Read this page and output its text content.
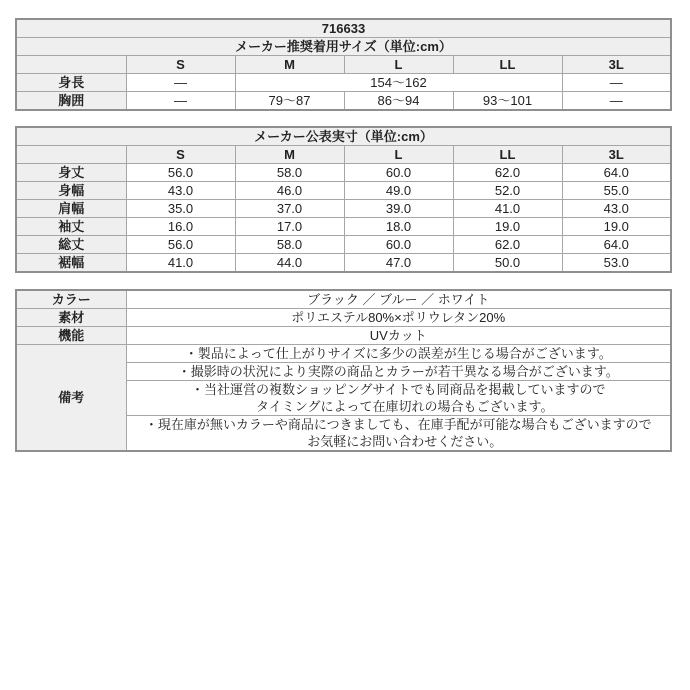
716633					
メーカー推奨着用サイズ（単位:cm）					
	S	M	L	LL	3L
身長	―	154～162			―
胸囲	―	79～87	86～94	93～101	―
メーカー公表実寸（単位:cm）					
	S	M	L	LL	3L
身丈	56.0	58.0	60.0	62.0	64.0
身幅	43.0	46.0	49.0	52.0	55.0
肩幅	35.0	37.0	39.0	41.0	43.0
袖丈	16.0	17.0	18.0	19.0	19.0
総丈	56.0	58.0	60.0	62.0	64.0
裾幅	41.0	44.0	47.0	50.0	53.0
カラー	ブラック ／ ブルー ／ ホワイト
素材	ポリエステル80%×ポリウレタン20%
機能	UVカット
備考	・製品によって仕上がりサイズに多少の誤差が生じる場合がございます。
	・撮影時の状況により実際の商品とカラーが若干異なる場合がございます。

	・当社運営の複数ショッピングサイトでも同商品を掲載していますので
タイミングによって在庫切れの場合もございます。

	・現在庫が無いカラーや商品につきましても、在庫手配が可能な場合もございますので
お気軽にお問い合わせください。
